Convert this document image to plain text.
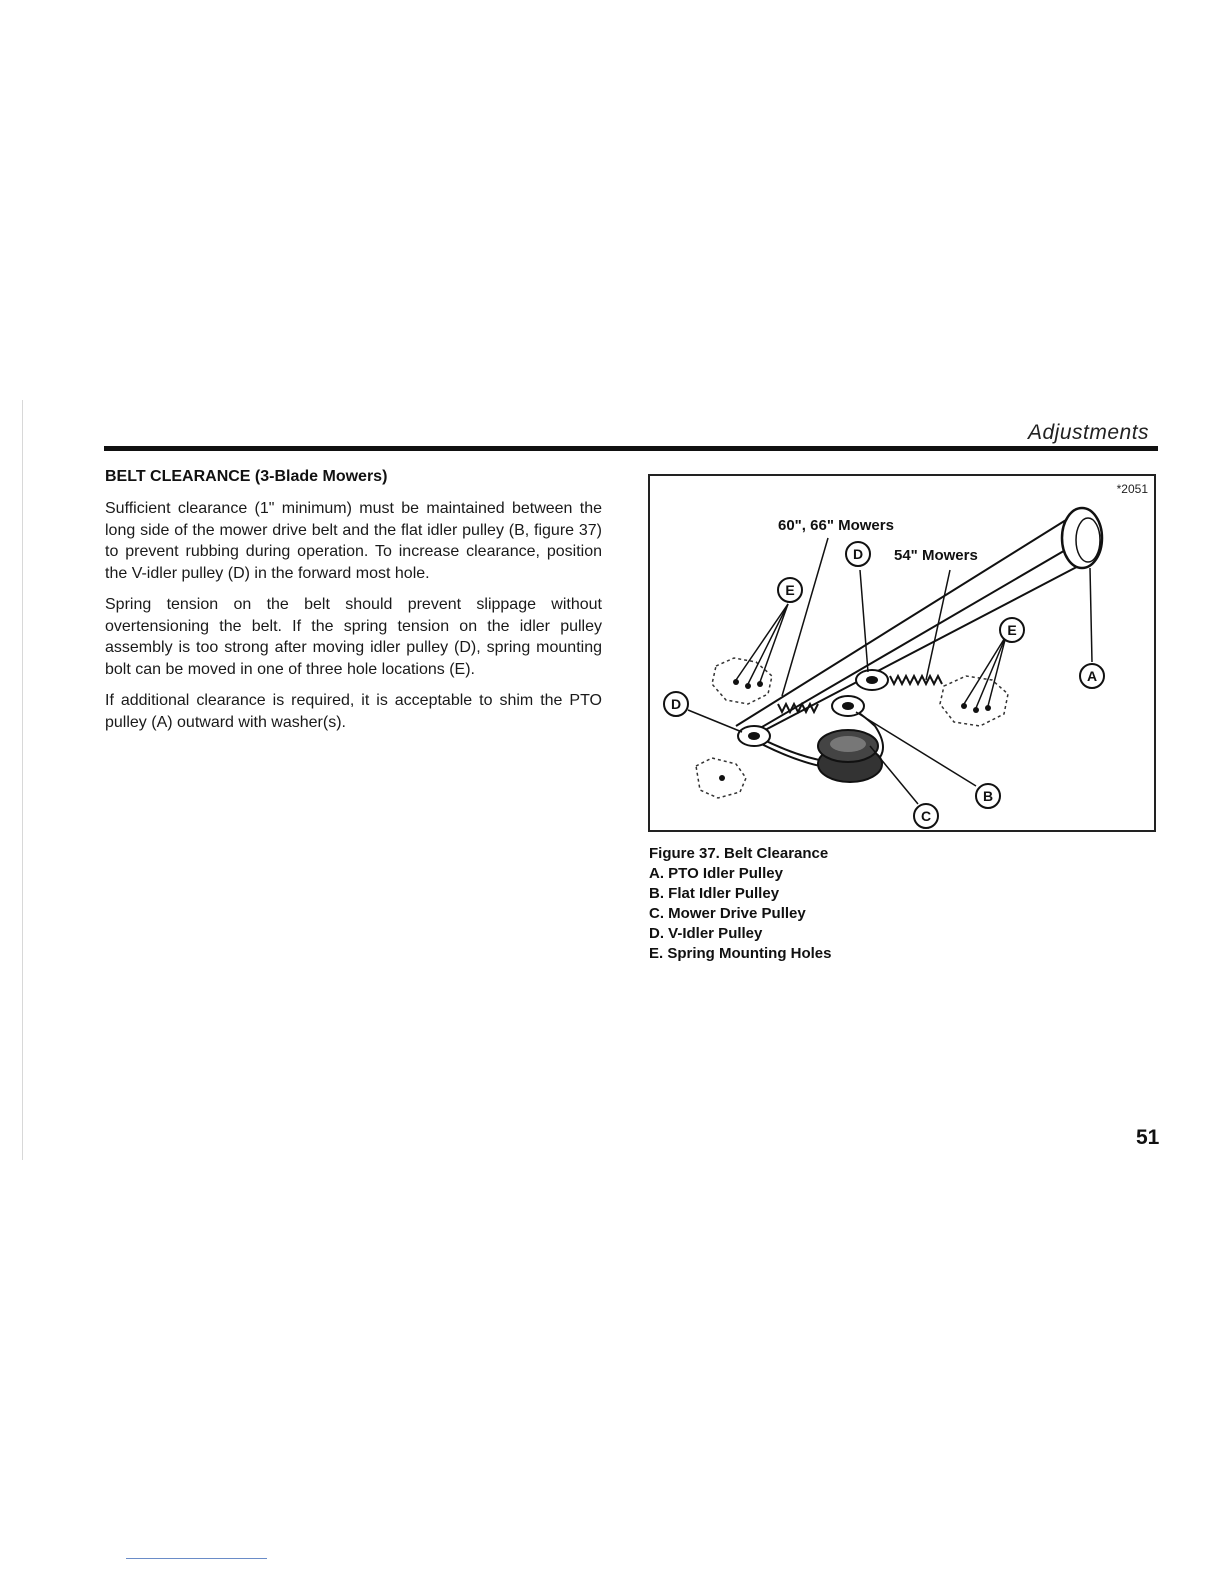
Adjustments
BELT CLEARANCE (3-Blade Mowers)

Sufficient clearance (1" minimum) must be maintained between the long side of the mower drive belt and the flat idler pulley (B, figure 37) to prevent rubbing during operation. To increase clearance, position the V-idler pulley (D) in the forward most hole.

Spring tension on the belt should prevent slippage without overtensioning the belt. If the spring tension on the idler pulley assembly is too strong after moving idler pulley (D), spring mounting bolt can be moved in one of three hole locations (E).

If additional clearance is required, it is acceptable to shim the PTO pulley (A) outward with washer(s).

*2051
A
B
C
D
D
E
E
60", 66" Mowers
54" Mowers
Figure 37. Belt Clearance
A. PTO Idler Pulley
B. Flat Idler Pulley
C. Mower Drive Pulley
D. V-Idler Pulley
E. Spring Mounting Holes
51
